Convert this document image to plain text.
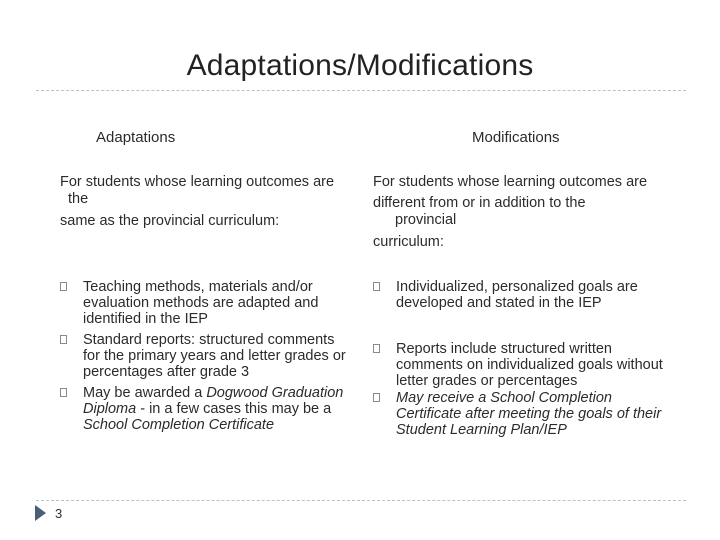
Adaptations/Modifications
Adaptations	Modifications
For students whose learning outcomes are
the
same as the provincial curriculum:
For students whose learning outcomes are
different from or in addition to the
provincial
curriculum:
Teaching methods, materials and/or evaluation methods are adapted and identified in the IEP
Standard reports: structured comments for the primary years and letter grades or percentages after grade 3
May be awarded a Dogwood Graduation Diploma - in a few cases this may be a School Completion Certificate
Individualized, personalized goals are developed and stated in the IEP
Reports include structured written comments on individualized goals without letter grades or percentages
May receive a School Completion Certificate after meeting the goals of their Student Learning Plan/IEP
3
